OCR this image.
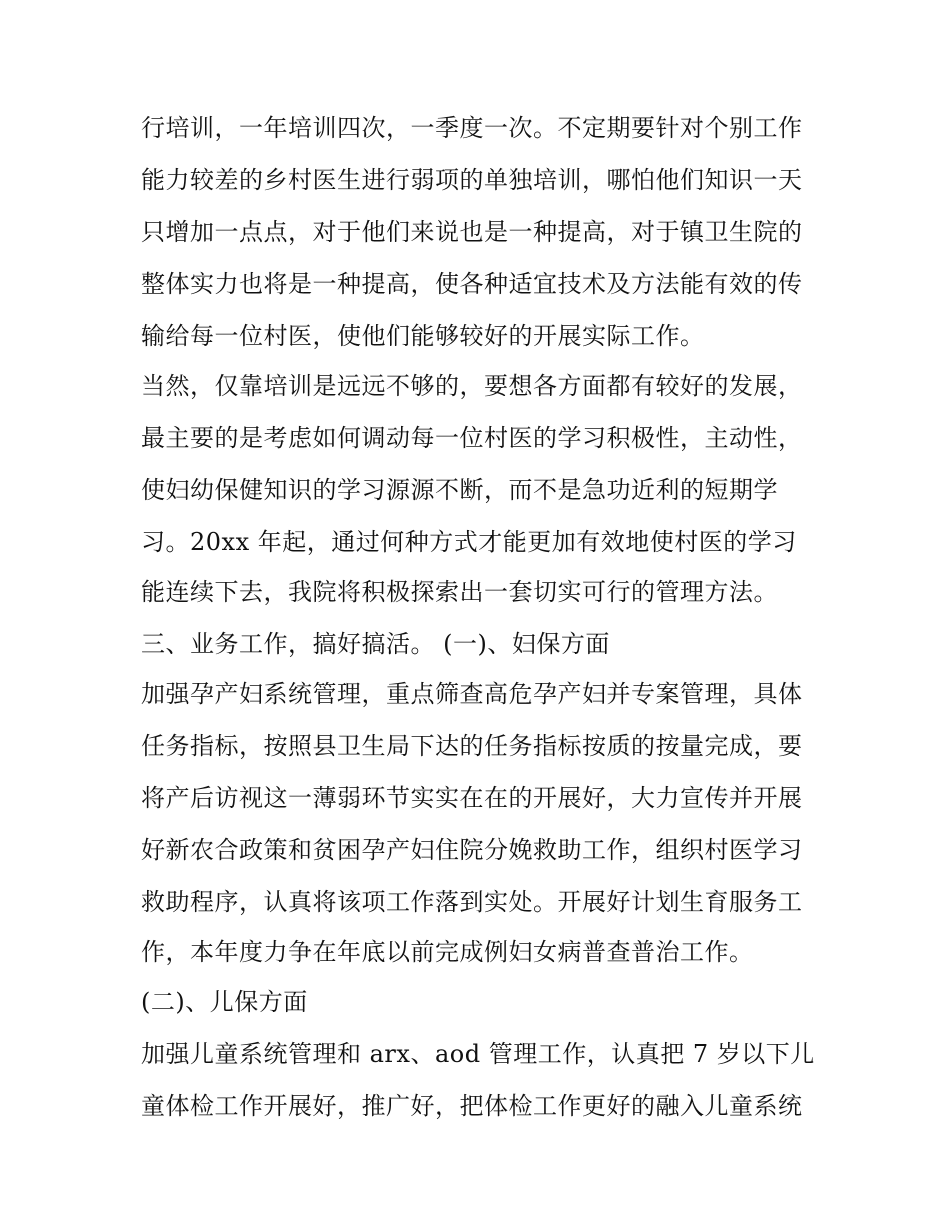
行培训，一年培训四次，一季度一次。不定期要针对个别工作
能力较差的乡村医生进行弱项的单独培训，哪怕他们知识一天
只增加一点点，对于他们来说也是一种提高，对于镇卫生院的
整体实力也将是一种提高，使各种适宜技术及方法能有效的传
输给每一位村医，使他们能够较好的开展实际工作。
当然，仅靠培训是远远不够的，要想各方面都有较好的发展，
最主要的是考虑如何调动每一位村医的学习积极性，主动性，
使妇幼保健知识的学习源源不断，而不是急功近利的短期学
习。20xx 年起，通过何种方式才能更加有效地使村医的学习
能连续下去，我院将积极探索出一套切实可行的管理方法。
三、业务工作，搞好搞活。 (一)、妇保方面
加强孕产妇系统管理，重点筛查高危孕产妇并专案管理，具体
任务指标，按照县卫生局下达的任务指标按质的按量完成，要
将产后访视这一薄弱环节实实在在的开展好，大力宣传并开展
好新农合政策和贫困孕产妇住院分娩救助工作，组织村医学习
救助程序，认真将该项工作落到实处。开展好计划生育服务工
作，本年度力争在年底以前完成例妇女病普查普治工作。
(二)、儿保方面
加强儿童系统管理和 arx、aod 管理工作，认真把 7 岁以下儿
童体检工作开展好，推广好，把体检工作更好的融入儿童系统
